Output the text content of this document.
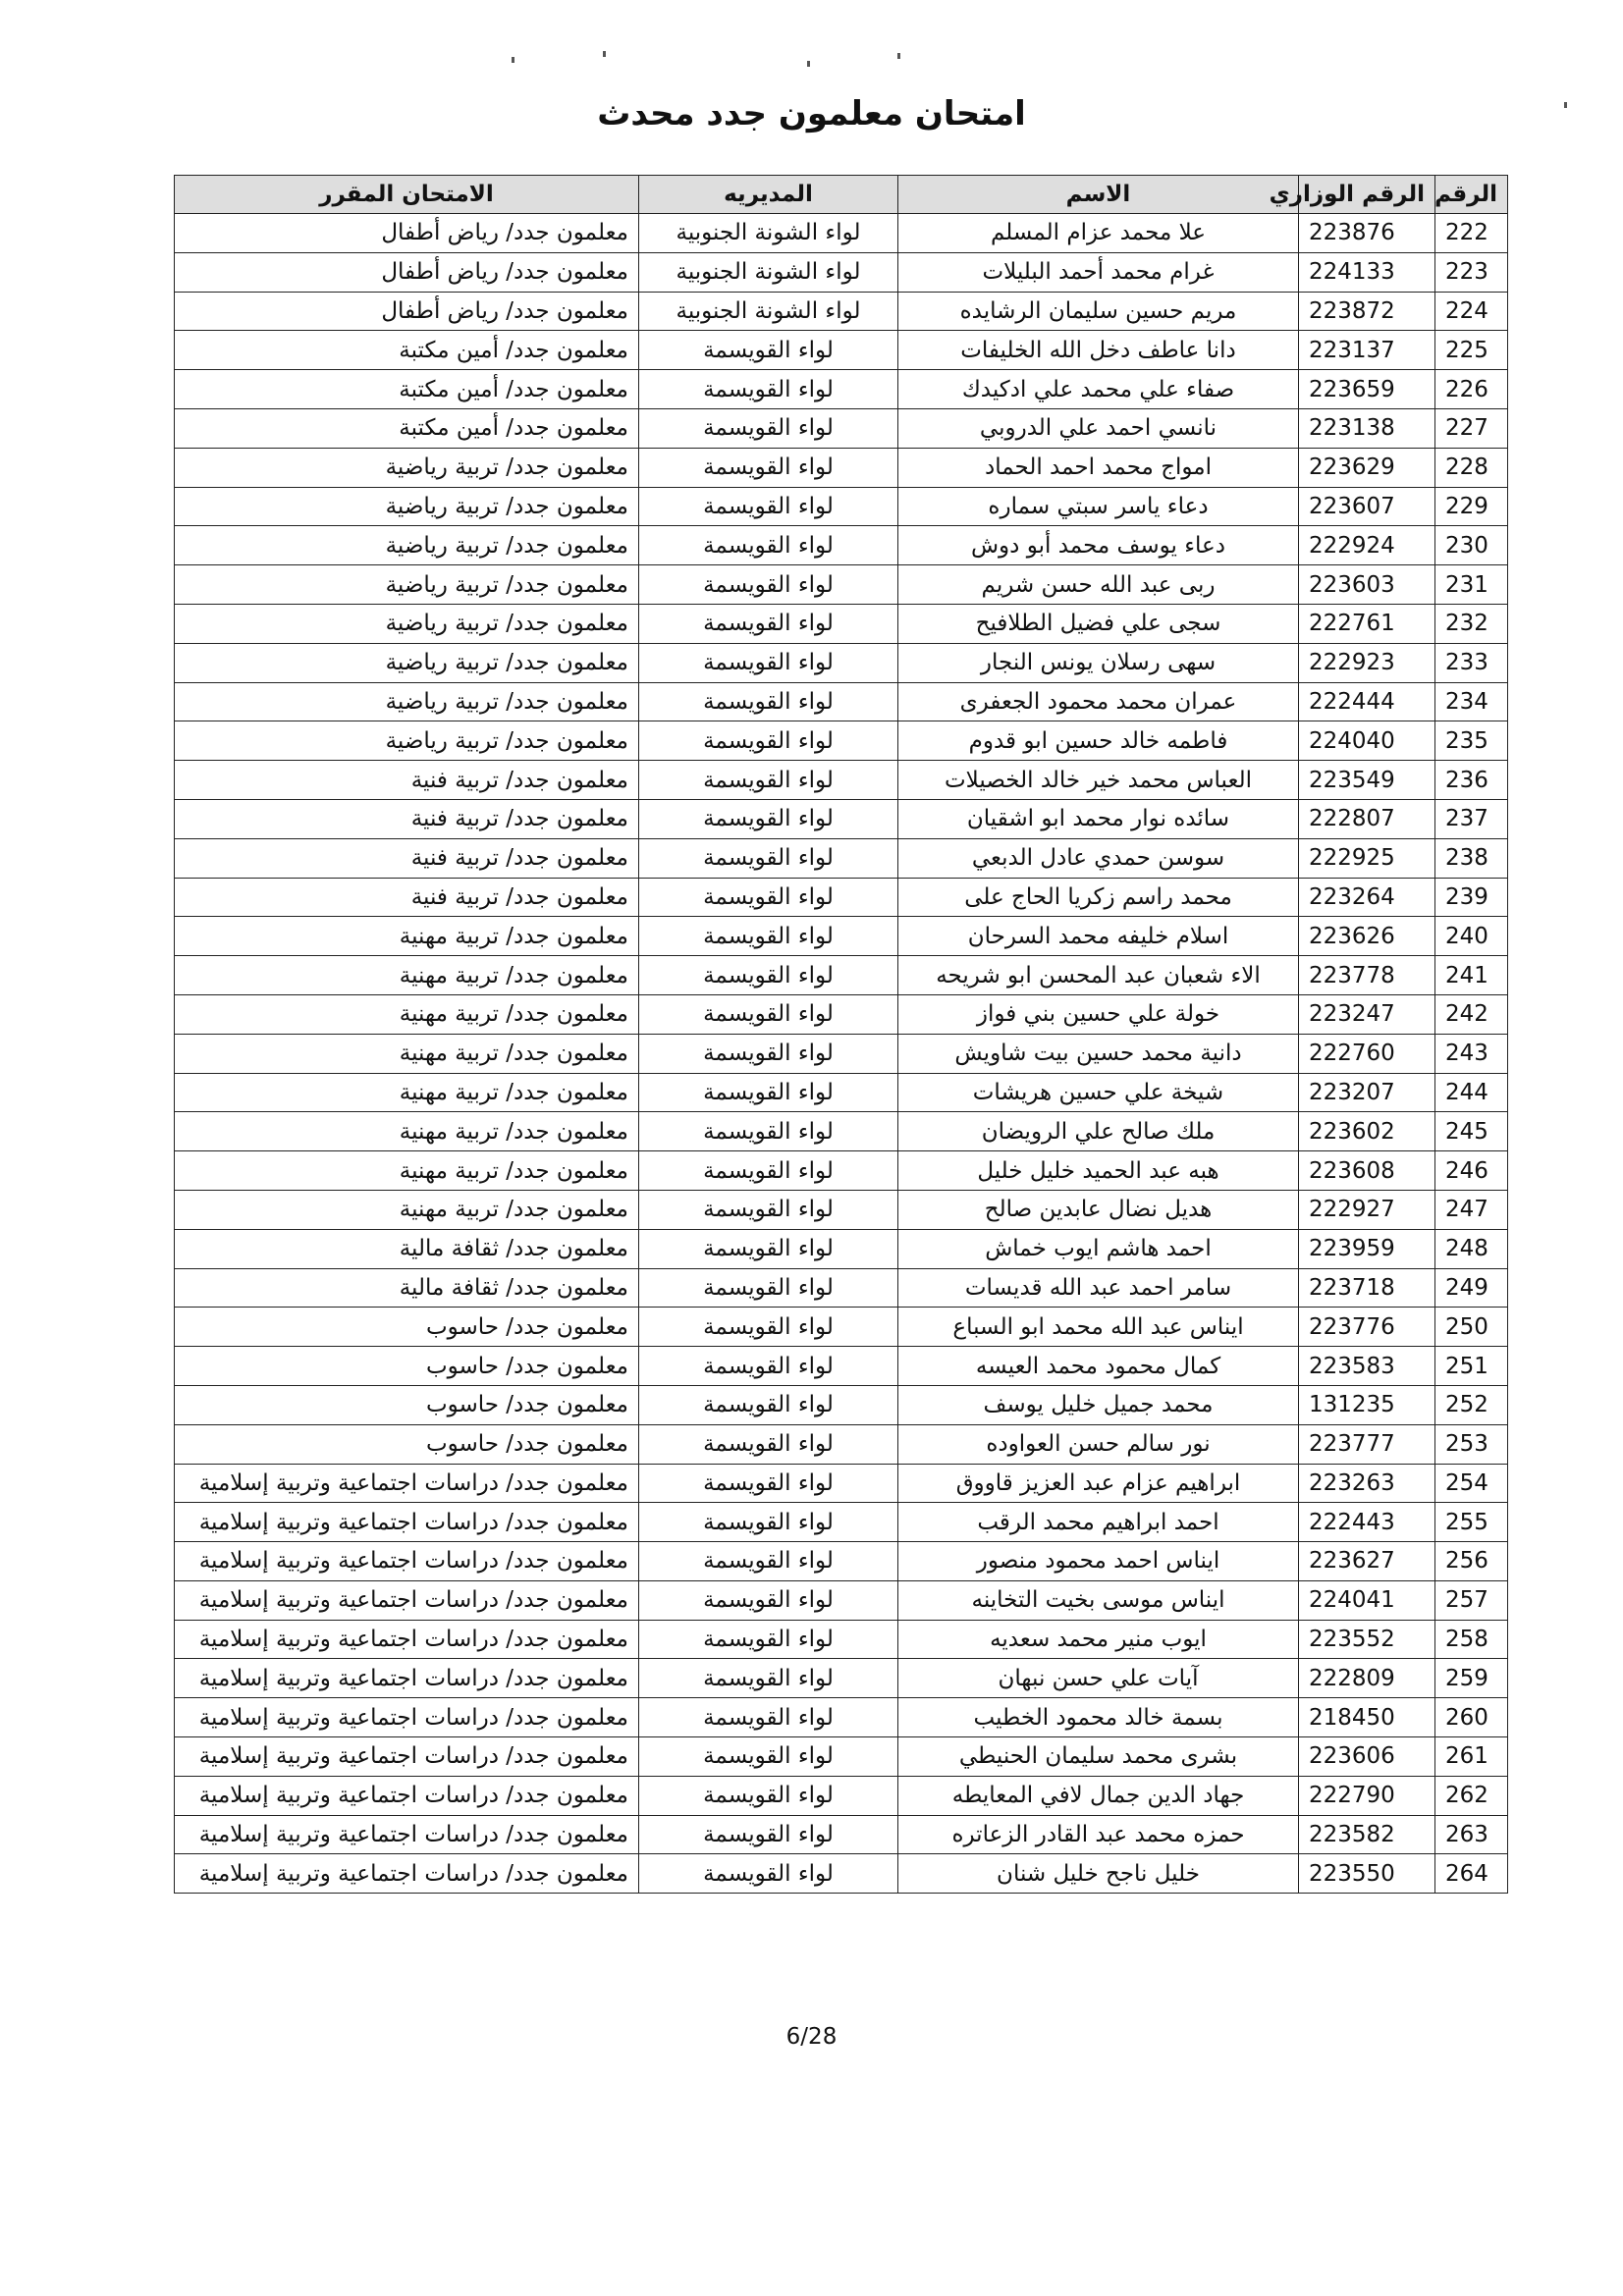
امتحان معلمون جدد محدث
الرقم	الرقم الوزاري	الاسم	المديريه	الامتحان المقرر
222	223876	علا محمد عزام المسلم	لواء الشونة الجنوبية	معلمون جدد/ رياض أطفال
223	224133	غرام محمد أحمد البليلات	لواء الشونة الجنوبية	معلمون جدد/ رياض أطفال
224	223872	مريم حسين سليمان الرشايده	لواء الشونة الجنوبية	معلمون جدد/ رياض أطفال
225	223137	دانا عاطف دخل الله الخليفات	لواء القويسمة	معلمون جدد/ أمين مكتبة
226	223659	صفاء علي محمد علي ادكيدك	لواء القويسمة	معلمون جدد/ أمين مكتبة
227	223138	نانسي احمد علي الدروبي	لواء القويسمة	معلمون جدد/ أمين مكتبة
228	223629	امواج محمد احمد الحماد	لواء القويسمة	معلمون جدد/ تربية رياضية
229	223607	دعاء ياسر سبتي سماره	لواء القويسمة	معلمون جدد/ تربية رياضية
230	222924	دعاء يوسف محمد أبو دوش	لواء القويسمة	معلمون جدد/ تربية رياضية
231	223603	ربى عبد الله حسن شريم	لواء القويسمة	معلمون جدد/ تربية رياضية
232	222761	سجى علي فضيل الطلافيح	لواء القويسمة	معلمون جدد/ تربية رياضية
233	222923	سهى رسلان يونس النجار	لواء القويسمة	معلمون جدد/ تربية رياضية
234	222444	عمران محمد محمود الجعفرى	لواء القويسمة	معلمون جدد/ تربية رياضية
235	224040	فاطمه خالد حسين ابو قدوم	لواء القويسمة	معلمون جدد/ تربية رياضية
236	223549	العباس محمد خير خالد الخصيلات	لواء القويسمة	معلمون جدد/ تربية فنية
237	222807	سائده نوار محمد ابو اشقيان	لواء القويسمة	معلمون جدد/ تربية فنية
238	222925	سوسن حمدي عادل الدبعي	لواء القويسمة	معلمون جدد/ تربية فنية
239	223264	محمد راسم زكريا الحاج على	لواء القويسمة	معلمون جدد/ تربية فنية
240	223626	اسلام خليفه محمد السرحان	لواء القويسمة	معلمون جدد/ تربية مهنية
241	223778	الاء شعبان عبد المحسن ابو شريحه	لواء القويسمة	معلمون جدد/ تربية مهنية
242	223247	خولة علي حسين بني فواز	لواء القويسمة	معلمون جدد/ تربية مهنية
243	222760	دانية محمد حسين بيت شاويش	لواء القويسمة	معلمون جدد/ تربية مهنية
244	223207	شيخة علي حسين هريشات	لواء القويسمة	معلمون جدد/ تربية مهنية
245	223602	ملك صالح علي الرويضان	لواء القويسمة	معلمون جدد/ تربية مهنية
246	223608	هبه عبد الحميد خليل خليل	لواء القويسمة	معلمون جدد/ تربية مهنية
247	222927	هديل نضال عابدين صالح	لواء القويسمة	معلمون جدد/ تربية مهنية
248	223959	احمد هاشم ايوب خماش	لواء القويسمة	معلمون جدد/ ثقافة مالية
249	223718	سامر احمد عبد الله قديسات	لواء القويسمة	معلمون جدد/ ثقافة مالية
250	223776	ايناس عبد الله محمد ابو السباع	لواء القويسمة	معلمون جدد/ حاسوب
251	223583	كمال محمود محمد العيسه	لواء القويسمة	معلمون جدد/ حاسوب
252	131235	محمد جميل خليل يوسف	لواء القويسمة	معلمون جدد/ حاسوب
253	223777	نور سالم حسن العواوده	لواء القويسمة	معلمون جدد/ حاسوب
254	223263	ابراهيم عزام عبد العزيز قاووق	لواء القويسمة	معلمون جدد/ دراسات اجتماعية وتربية إسلامية
255	222443	احمد ابراهيم محمد الرقب	لواء القويسمة	معلمون جدد/ دراسات اجتماعية وتربية إسلامية
256	223627	ايناس احمد محمود منصور	لواء القويسمة	معلمون جدد/ دراسات اجتماعية وتربية إسلامية
257	224041	ايناس موسى بخيت التخاينه	لواء القويسمة	معلمون جدد/ دراسات اجتماعية وتربية إسلامية
258	223552	ايوب منير محمد سعديه	لواء القويسمة	معلمون جدد/ دراسات اجتماعية وتربية إسلامية
259	222809	آيات علي حسن نبهان	لواء القويسمة	معلمون جدد/ دراسات اجتماعية وتربية إسلامية
260	218450	بسمة خالد محمود الخطيب	لواء القويسمة	معلمون جدد/ دراسات اجتماعية وتربية إسلامية
261	223606	بشرى محمد سليمان الحنيطي	لواء القويسمة	معلمون جدد/ دراسات اجتماعية وتربية إسلامية
262	222790	جهاد الدين جمال لافي المعايطه	لواء القويسمة	معلمون جدد/ دراسات اجتماعية وتربية إسلامية
263	223582	حمزه محمد عبد القادر الزعاتره	لواء القويسمة	معلمون جدد/ دراسات اجتماعية وتربية إسلامية
264	223550	خليل ناجح خليل شنان	لواء القويسمة	معلمون جدد/ دراسات اجتماعية وتربية إسلامية
6/28
